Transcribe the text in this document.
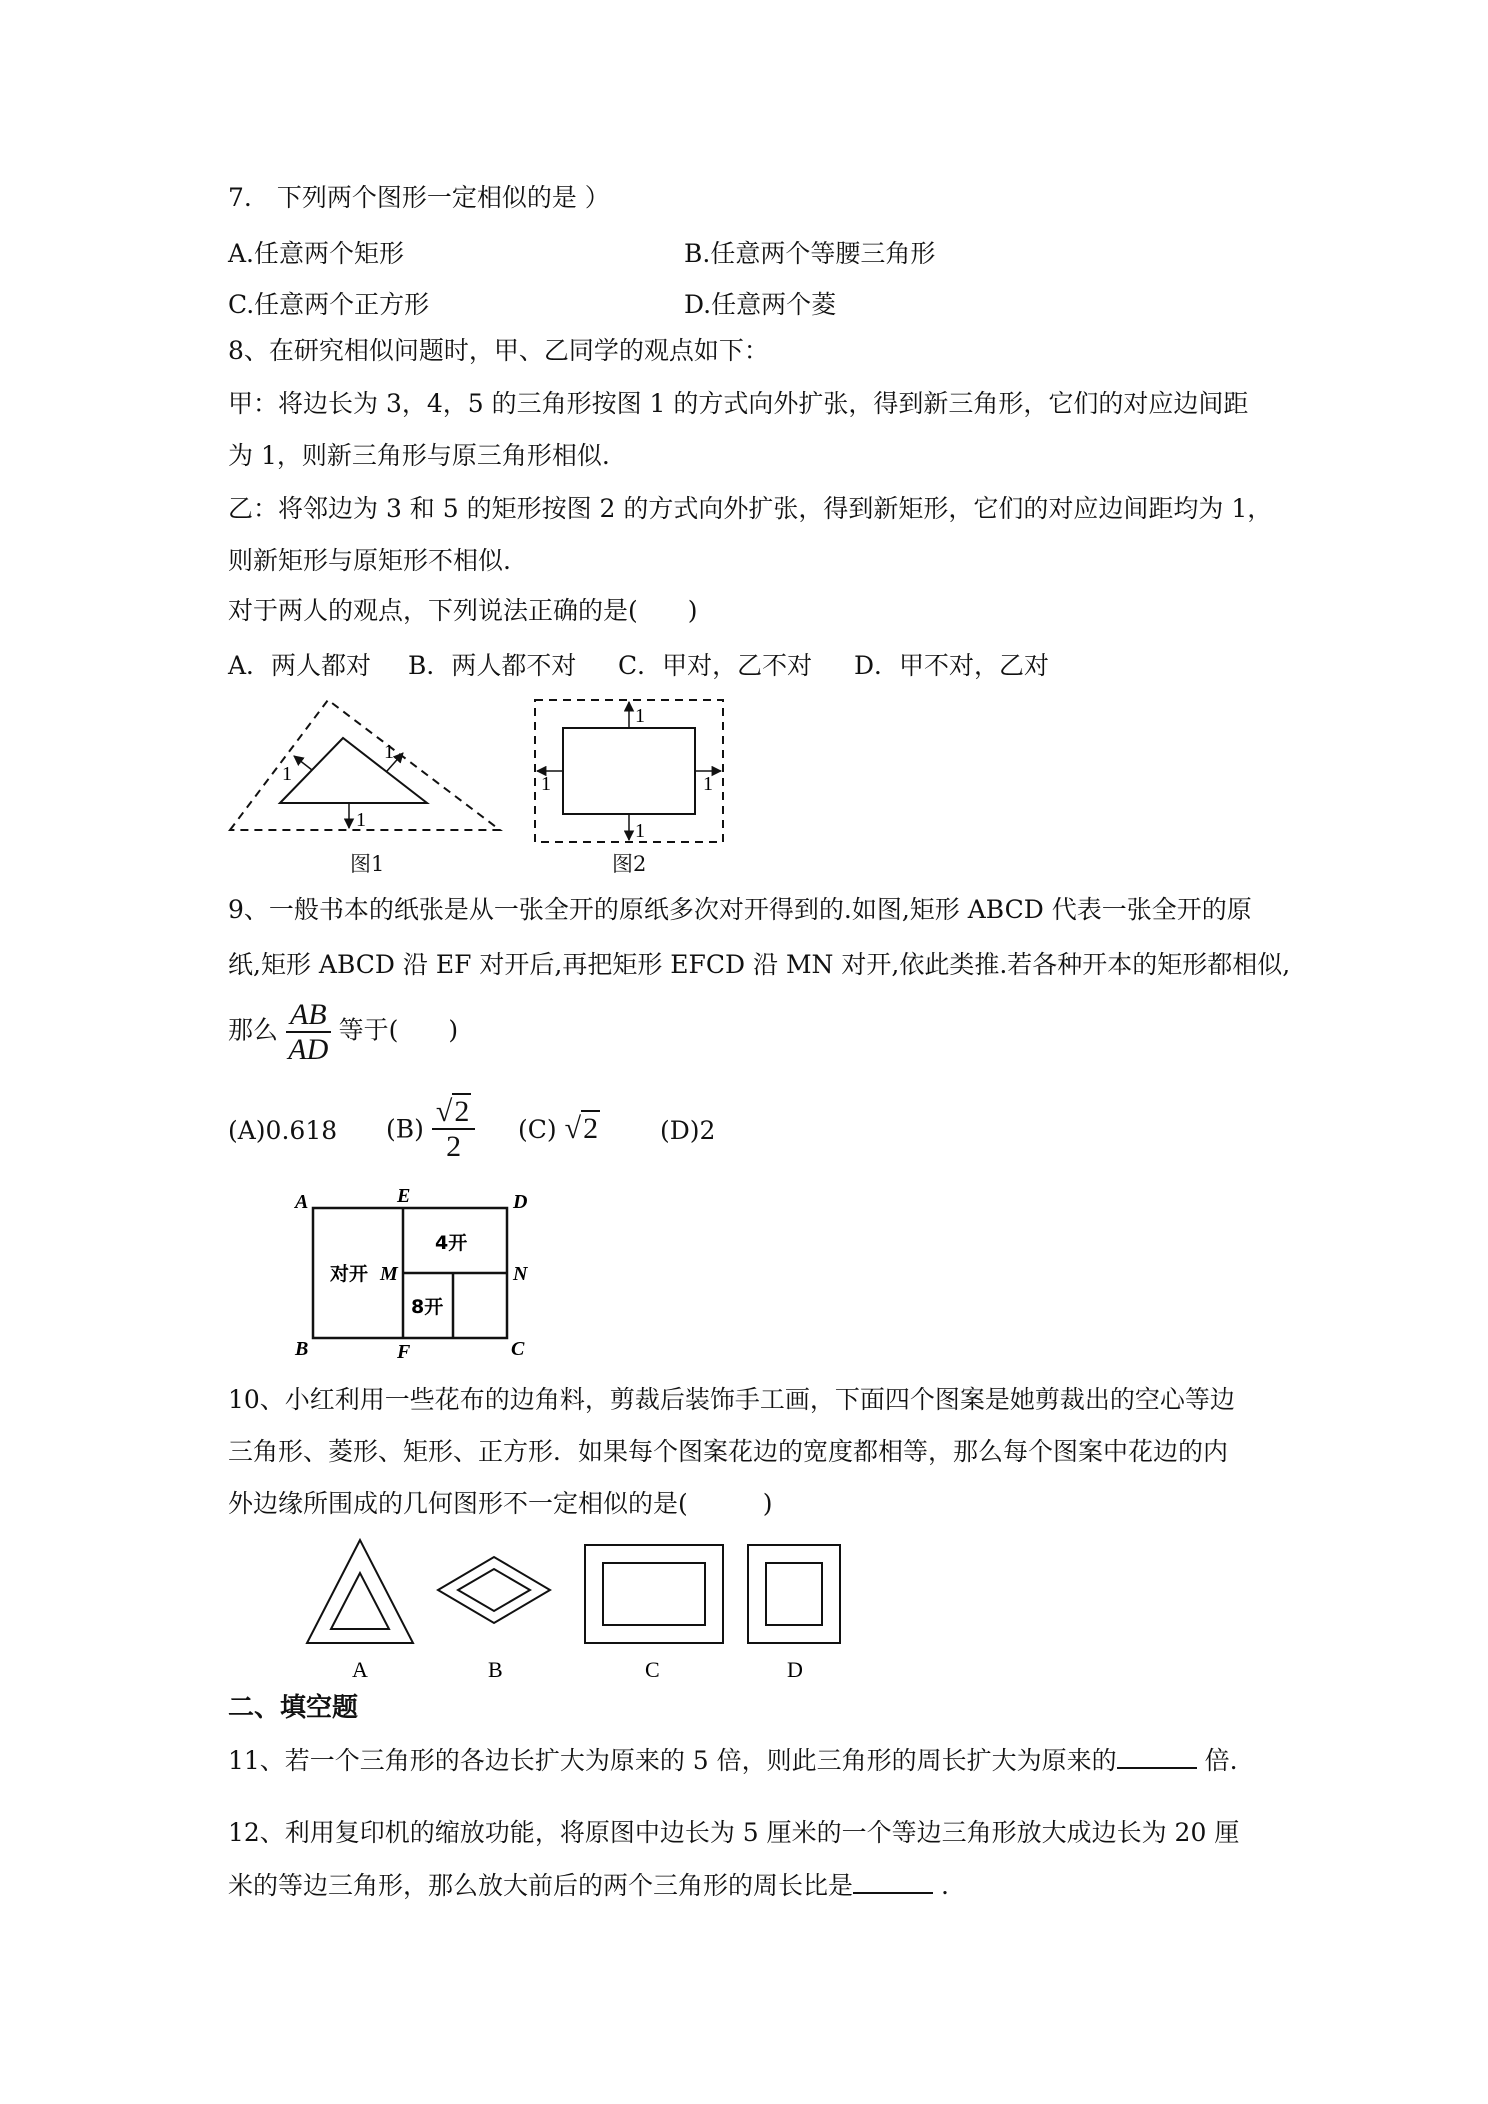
7.　下列两个图形一定相似的是 ）
A.任意两个矩形	B.任意两个等腰三角形
C.任意两个正方形	D.任意两个菱
8、在研究相似问题时，甲、乙同学的观点如下：
甲：将边长为 3，4，5 的三角形按图 1 的方式向外扩张，得到新三角形，它们的对应边间距
为 1，则新三角形与原三角形相似.
乙：将邻边为 3 和 5 的矩形按图 2 的方式向外扩张，得到新矩形，它们的对应边间距均为 1，
则新矩形与原矩形不相似.
对于两人的观点，下列说法正确的是(　　)
A．两人都对 B．两人都不对 C．甲对，乙不对 D．甲不对，乙对
1
1
1
图1
1
1
1	1
图2
9、一般书本的纸张是从一张全开的原纸多次对开得到的.如图,矩形 ABCD 代表一张全开的原
纸,矩形 ABCD 沿 EF 对开后,再把矩形 EFCD 沿 MN 对开,依此类推.若各种开本的矩形都相似,
那么 $\frac{AB}{AD}$ 等于(　　)
(A)0.618 $(B) \frac{√2}{2} (C)$ √2 (D)2
A	E	D
M	N
B	F	C
对开
4开
8开
10、小红利用一些花布的边角料，剪裁后装饰手工画，下面四个图案是她剪裁出的空心等边
三角形、菱形、矩形、正方形．如果每个图案花边的宽度都相等，那么每个图案中花边的内
外边缘所围成的几何图形不一定相似的是(　　　)
A	B	C	D
二、填空题
11、若一个三角形的各边长扩大为原来的 5 倍，则此三角形的周长扩大为原来的	倍.
12、利用复印机的缩放功能，将原图中边长为 5 厘米的一个等边三角形放大成边长为 20 厘
米的等边三角形，那么放大前后的两个三角形的周长比是	.
